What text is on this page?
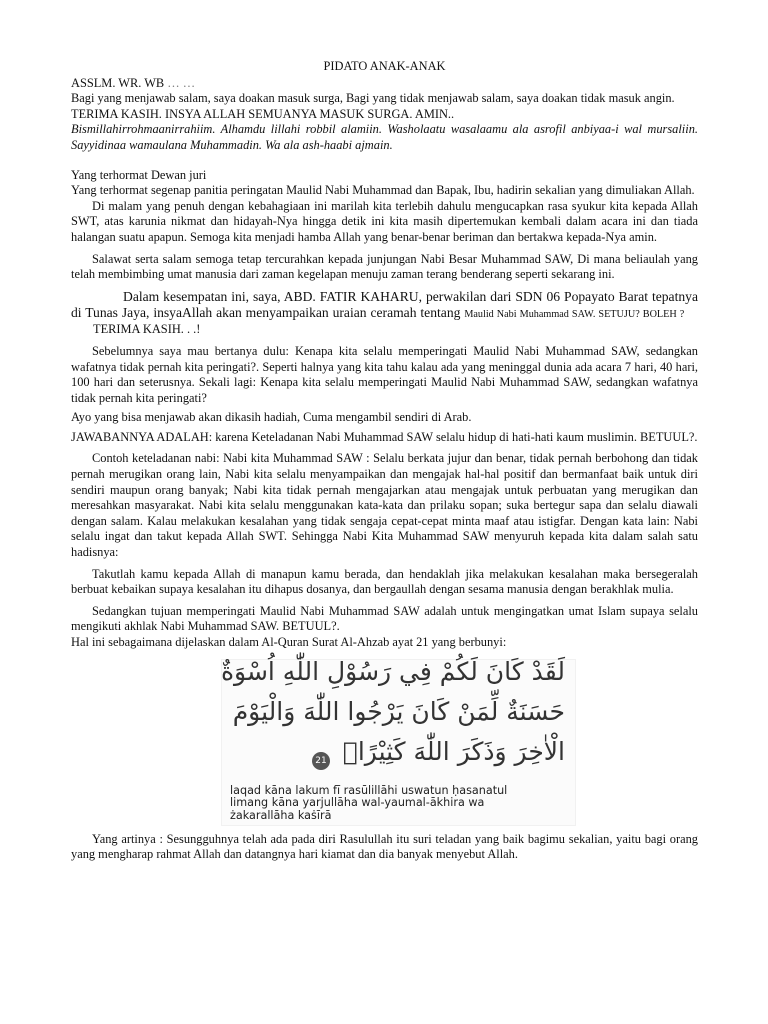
PIDATO ANAK-ANAK

ASSLM. WR. WB … …

Bagi yang menjawab salam, saya doakan masuk surga, Bagi yang tidak menjawab salam, saya doakan tidak masuk angin.

TERIMA KASIH. INSYA ALLAH SEMUANYA MASUK SURGA. AMIN..

Bismillahirrohmaanirrahiim. Alhamdu lillahi robbil alamiin. Washolaatu wasalaamu ala asrofil anbiyaa-i wal mursaliin. Sayyidinaa wamaulana Muhammadin. Wa ala ash-haabi ajmain.

Yang terhormat Dewan juri

Yang terhormat segenap panitia peringatan Maulid Nabi Muhammad dan Bapak, Ibu, hadirin sekalian yang dimuliakan Allah.

Di malam yang penuh dengan kebahagiaan ini marilah kita terlebih dahulu mengucapkan rasa syukur kita kepada Allah SWT, atas karunia nikmat dan hidayah-Nya hingga detik ini kita masih dipertemukan kembali dalam acara ini dan tiada halangan suatu apapun. Semoga kita menjadi hamba Allah yang benar-benar beriman dan bertakwa kepada-Nya amin.

Salawat serta salam semoga tetap tercurahkan kepada junjungan Nabi Besar Muhammad SAW, Di mana beliaulah yang telah membimbing umat manusia dari zaman kegelapan menuju zaman terang benderang seperti sekarang ini.

Dalam kesempatan ini, saya, ABD. FATIR KAHARU, perwakilan dari SDN 06 Popayato Barat tepatnya di Tunas Jaya, insyaAllah akan menyampaikan uraian ceramah tentang Maulid Nabi Muhammad SAW. SETUJU? BOLEH ?

TERIMA KASIH. . .!

Sebelumnya saya mau bertanya dulu: Kenapa kita selalu memperingati Maulid Nabi Muhammad SAW, sedangkan wafatnya tidak pernah kita peringati?. Seperti halnya yang kita tahu kalau ada yang meninggal dunia ada acara 7 hari, 40 hari, 100 hari dan seterusnya. Sekali lagi: Kenapa kita selalu memperingati Maulid Nabi Muhammad SAW, sedangkan wafatnya tidak pernah kita peringati?

Ayo yang bisa menjawab akan dikasih hadiah, Cuma mengambil sendiri di Arab.

JAWABANNYA ADALAH: karena Keteladanan Nabi Muhammad SAW selalu hidup di hati-hati kaum muslimin. BETUUL?.

Contoh keteladanan nabi: Nabi kita Muhammad SAW : Selalu berkata jujur dan benar, tidak pernah berbohong dan tidak pernah merugikan orang lain, Nabi kita selalu menyampaikan dan mengajak hal-hal positif dan bermanfaat baik untuk diri sendiri maupun orang banyak; Nabi kita tidak pernah mengajarkan atau mengajak untuk perbuatan yang merugikan dan meresahkan masyarakat. Nabi kita selalu menggunakan kata-kata dan prilaku sopan; suka bertegur sapa dan selalu diawali dengan salam. Kalau melakukan kesalahan yang tidak sengaja cepat-cepat minta maaf atau istigfar. Dengan kata lain: Nabi selalu ingat dan takut kepada Allah SWT. Sehingga Nabi Kita Muhammad SAW menyuruh kepada kita dalam salah satu hadisnya:

Takutlah kamu kepada Allah di manapun kamu berada, dan hendaklah jika melakukan kesalahan maka bersegeralah berbuat kebaikan supaya kesalahan itu dihapus dosanya, dan bergaullah dengan sesama manusia dengan berakhlak mulia.

Sedangkan tujuan memperingati Maulid Nabi Muhammad SAW adalah untuk mengingatkan umat Islam supaya selalu mengikuti akhlak Nabi Muhammad SAW. BETUUL?.

Hal ini sebagaimana dijelaskan dalam Al-Quran Surat Al-Ahzab ayat 21 yang berbunyi:

لَقَدْ كَانَ لَكُمْ فِي رَسُوْلِ اللّٰهِ اُسْوَةٌ
حَسَنَةٌ لِّمَنْ كَانَ يَرْجُوا اللّٰهَ وَالْيَوْمَ
الْاٰخِرَ وَذَكَرَ اللّٰهَ كَثِيْرًاۗ
21
laqad kāna lakum fī rasūlillāhi uswatun ḥasanatul
limang kāna yarjullāha wal-yaumal-ākhira wa
żakarallāha kaṡīrā

Yang artinya : Sesungguhnya telah ada pada diri Rasulullah itu suri teladan yang baik bagimu sekalian, yaitu bagi orang yang mengharap rahmat Allah dan datangnya hari kiamat dan dia banyak menyebut Allah.
